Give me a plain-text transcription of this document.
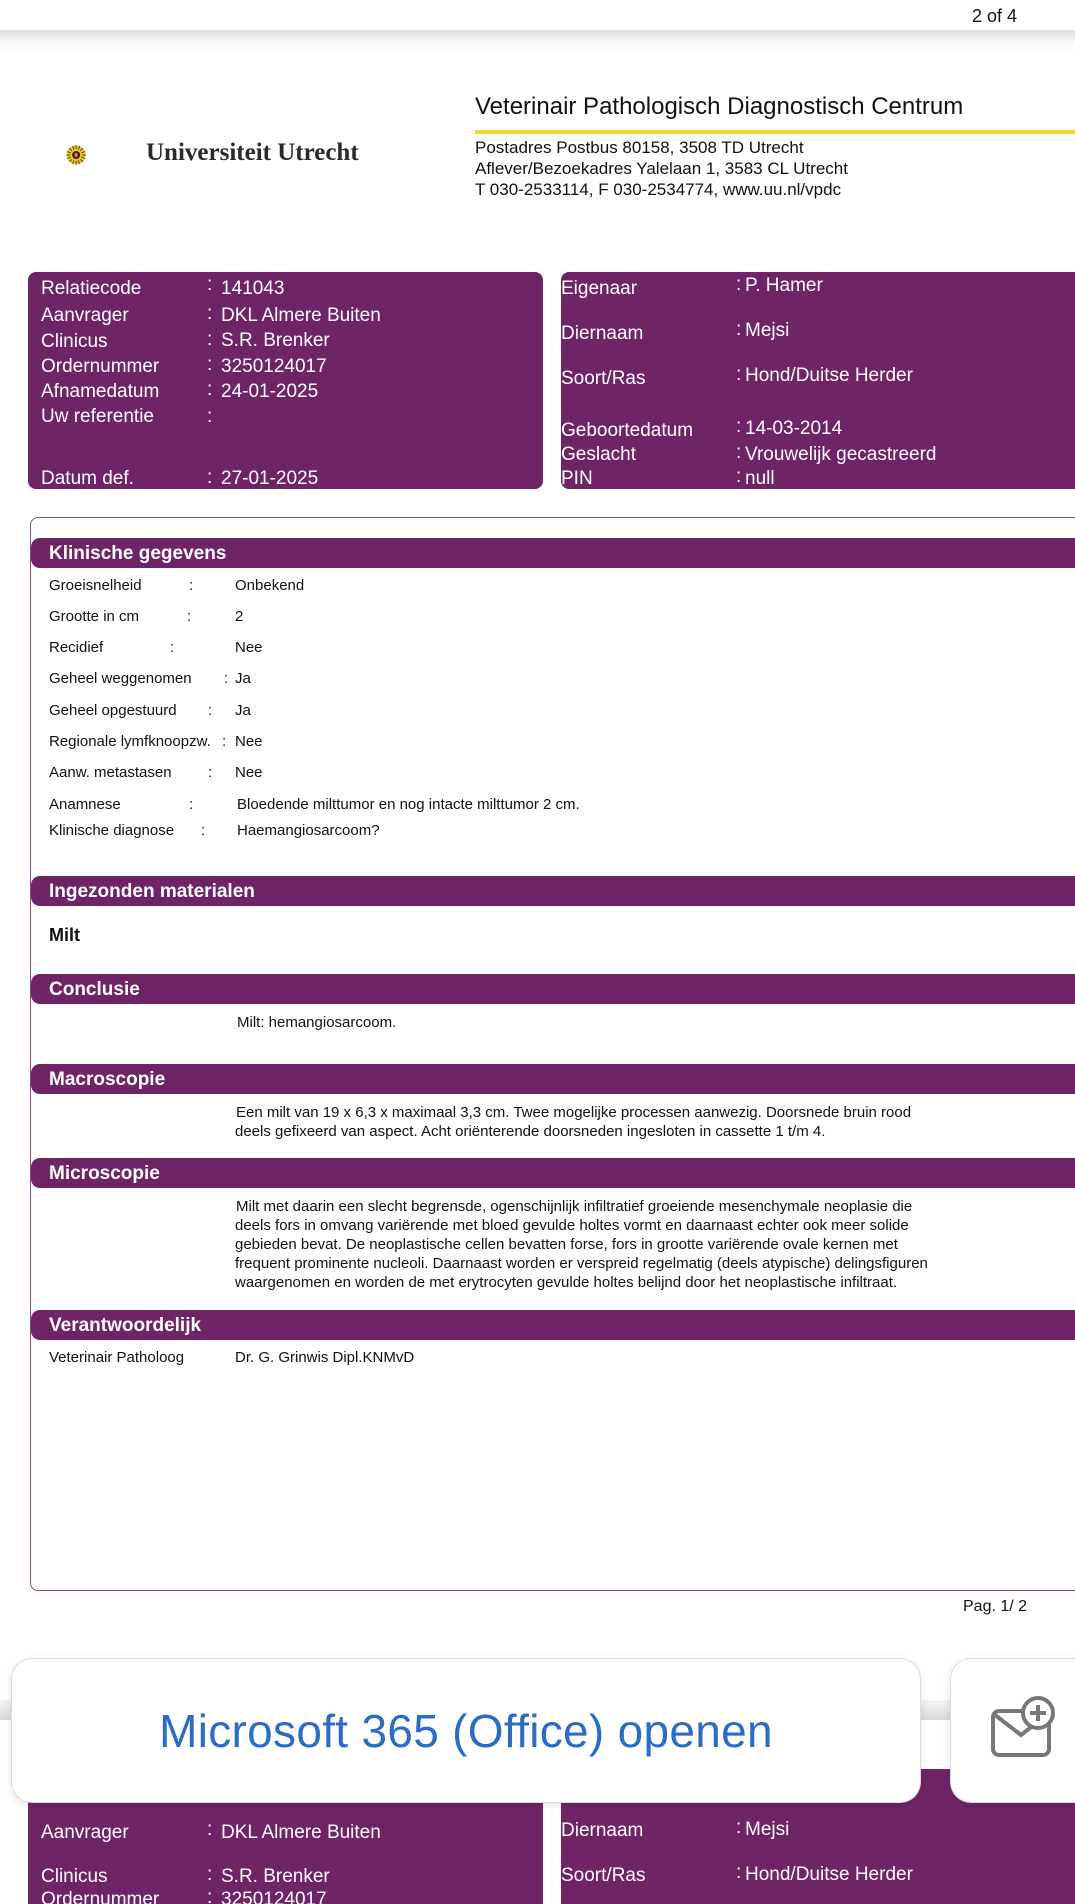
2 of 4
Universiteit Utrecht
Veterinair Pathologisch Diagnostisch Centrum
Postadres Postbus 80158, 3508 TD Utrecht
Aflever/Bezoekadres Yalelaan 1, 3583 CL Utrecht
T 030-2533114, F 030-2534774, www.uu.nl/vpdc
Relatiecode	: 141043
Aanvrager	: DKL Almere Buiten
Clinicus	: S.R. Brenker
Ordernummer	: 3250124017
Afnamedatum	: 24-01-2025
Uw referentie	:
Datum def.	: 27-01-2025
Eigenaar	: P. Hamer
Diernaam	: Mejsi
Soort/Ras	: Hond/Duitse Herder
Geboortedatum : 14-03-2014
Geslacht	: Vrouwelijk gecastreerd
PIN	: null
Klinische gegevens
Groeisnelheid	:	Onbekend
Grootte in cm	:	2
Recidief	:	Nee
Geheel weggenomen : Ja
Geheel opgestuurd : Ja
Regionale lymfknoopzw. : Nee
Aanw. metastasen : Nee
Anamnese	:	Bloedende milttumor en nog intacte milttumor 2 cm.
Klinische diagnose : Haemangiosarcoom?
Ingezonden materialen
Milt
Conclusie
Milt: hemangiosarcoom.
Macroscopie
Een milt van 19 x 6,3 x maximaal 3,3 cm. Twee mogelijke processen aanwezig. Doorsnede bruin rood
deels gefixeerd van aspect. Acht oriënterende doorsneden ingesloten in cassette 1 t/m 4.
Microscopie
Milt met daarin een slecht begrensde, ogenschijnlijk infiltratief groeiende mesenchymale neoplasie die
deels fors in omvang variërende met bloed gevulde holtes vormt en daarnaast echter ook meer solide
gebieden bevat. De neoplastische cellen bevatten forse, fors in grootte variërende ovale kernen met
frequent prominente nucleoli. Daarnaast worden er verspreid regelmatig (deels atypische) delingsfiguren
waargenomen en worden de met erytrocyten gevulde holtes belijnd door het neoplastische infiltraat.
Verantwoordelijk
Veterinair Patholoog	Dr. G. Grinwis Dipl.KNMvD
Pag. 1/ 2
Aanvrager	: DKL Almere Buiten
Clinicus	: S.R. Brenker
Ordernummer	: 3250124017
Diernaam	: Mejsi
Soort/Ras	: Hond/Duitse Herder
Microsoft 365 (Office) openen
